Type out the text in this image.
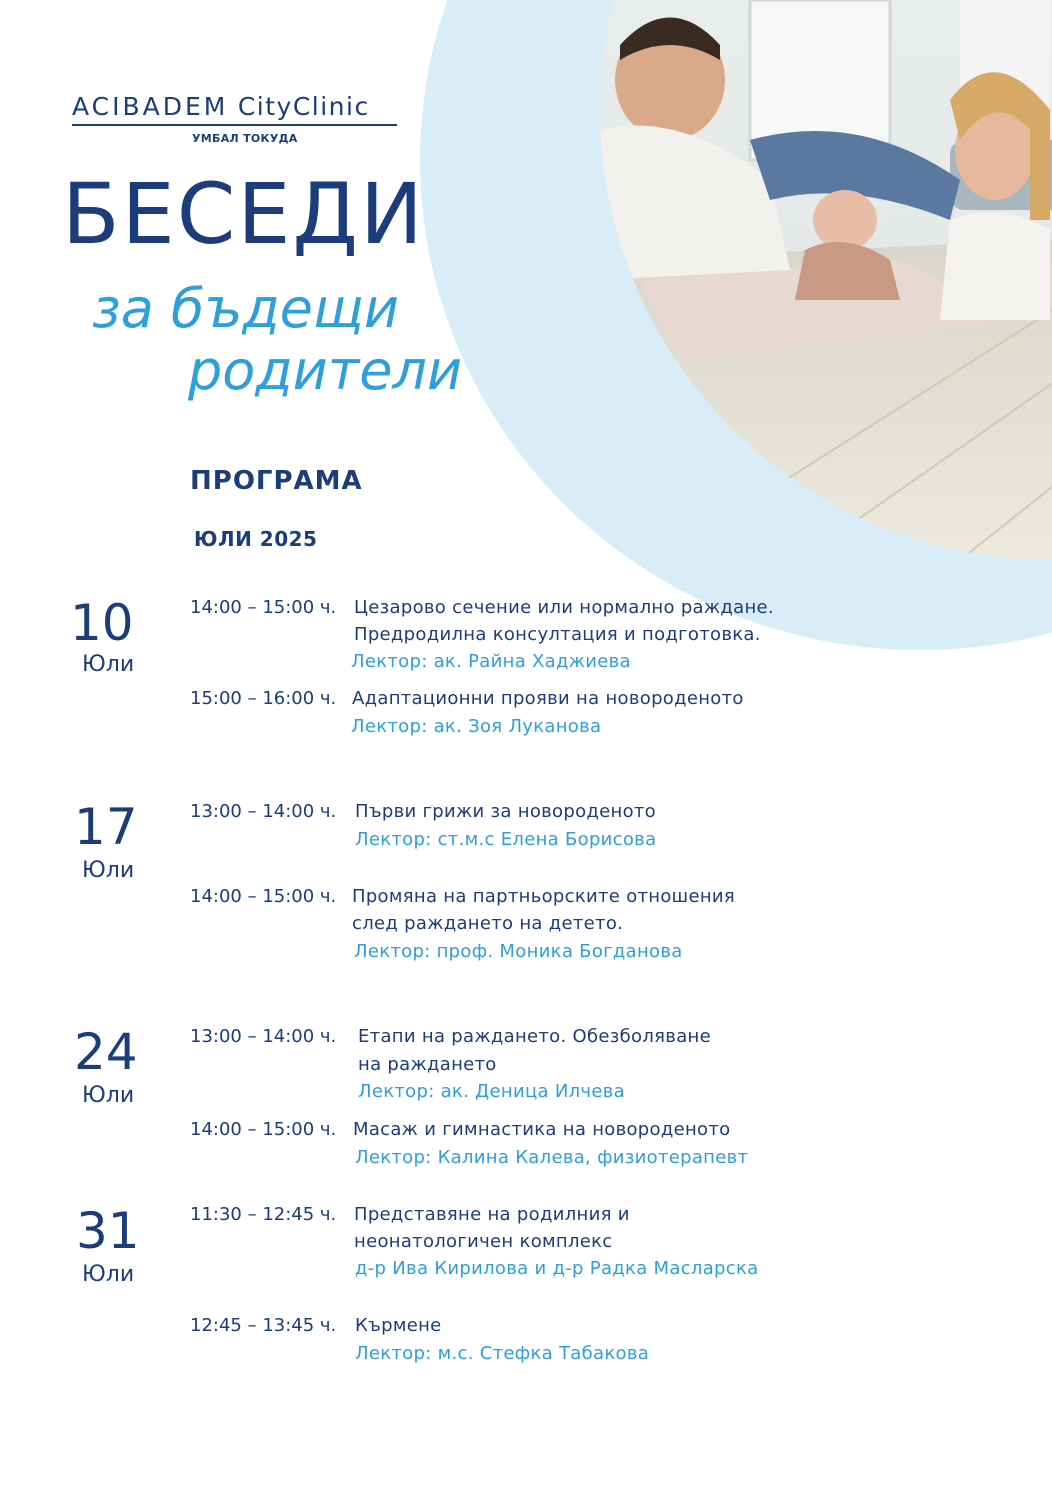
ACIBADEM CityClinic
УМБАЛ ТОКУДА
БЕСЕДИ
за бъдещи
родители
ПРОГРАМА
ЮЛИ 2025
10
Юли
14:00 – 15:00 ч. Цезарово сечение или нормално раждане.
Предродилна консултация и подготовка.
Лектор: ак. Райна Хаджиева
15:00 – 16:00 ч. Адаптационни прояви на новороденото
Лектор: ак. Зоя Луканова
17
Юли
13:00 – 14:00 ч. Първи грижи за новороденото
Лектор: ст.м.с Елена Борисова
14:00 – 15:00 ч. Промяна на партньорските отношения
след раждането на детето.
Лектор: проф. Моника Богданова
24
Юли
13:00 – 14:00 ч. Етапи на раждането. Обезболяване
на раждането
Лектор: ак. Деница Илчева
14:00 – 15:00 ч. Масаж и гимнастика на новороденото
Лектор: Калина Калева, физиотерапевт
31
Юли
11:30 – 12:45 ч. Представяне на родилния и
неонатологичен комплекс
д-р Ива Кирилова и д-р Радка Масларска
12:45 – 13:45 ч. Кърмене
Лектор: м.с. Стефка Табакова
